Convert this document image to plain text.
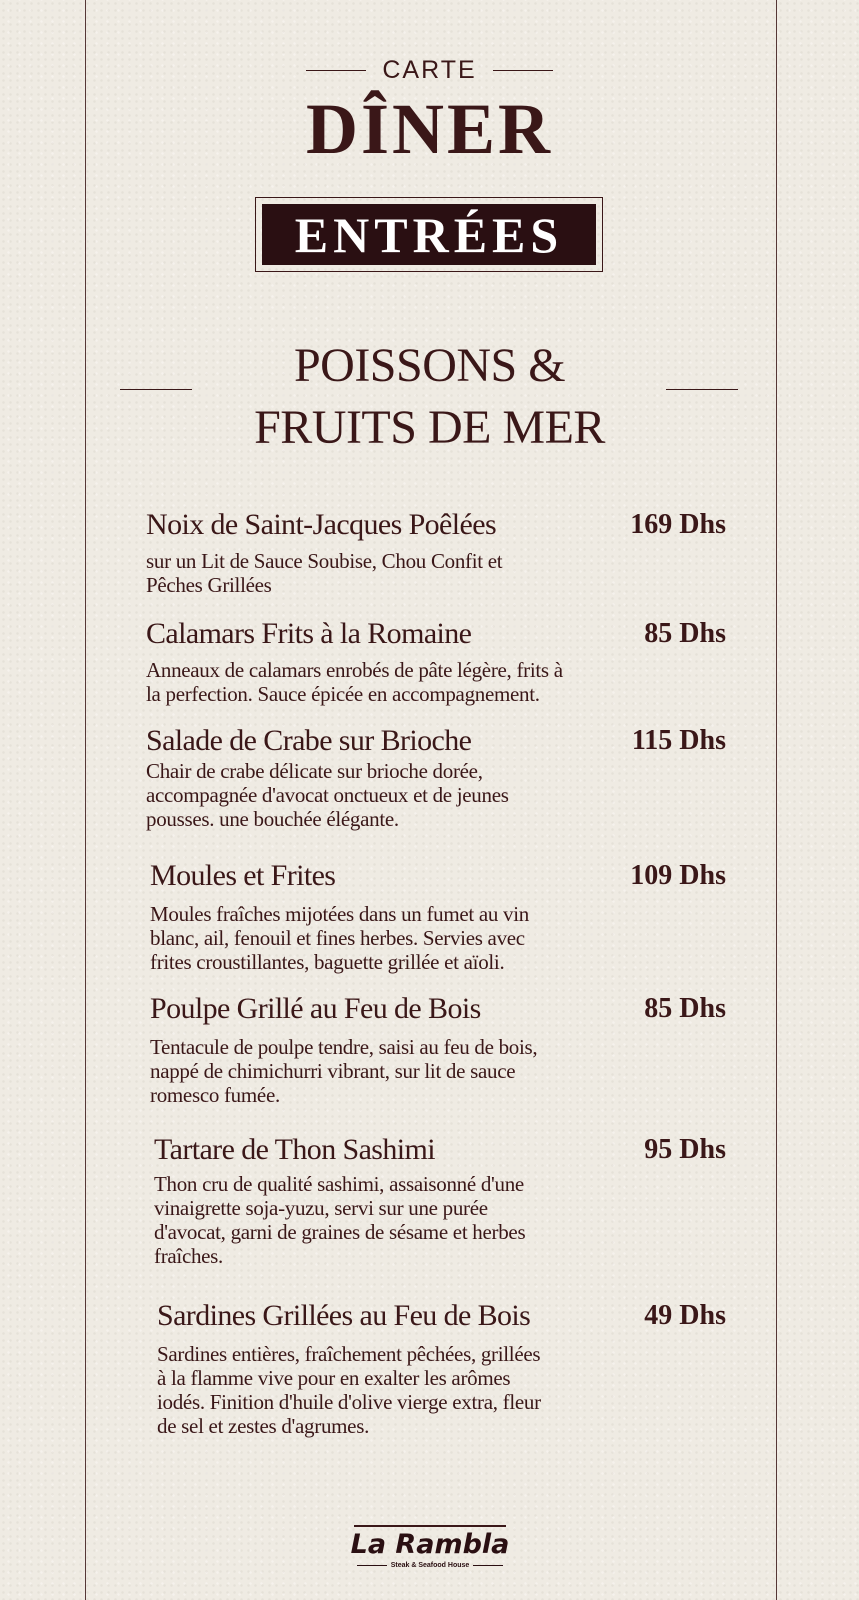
CARTE
DÎNER
ENTRÉES
POISSONS &
FRUITS DE MER
Noix de Saint-Jacques Poêlées	169 Dhs
sur un Lit de Sauce Soubise, Chou Confit et
Pêches Grillées
Calamars Frits à la Romaine	85 Dhs
Anneaux de calamars enrobés de pâte légère, frits à
la perfection. Sauce épicée en accompagnement.
Salade de Crabe sur Brioche	115 Dhs
Chair de crabe délicate sur brioche dorée,
accompagnée d'avocat onctueux et de jeunes
pousses. une bouchée élégante.
Moules et Frites	109 Dhs
Moules fraîches mijotées dans un fumet au vin
blanc, ail, fenouil et fines herbes. Servies avec
frites croustillantes, baguette grillée et aïoli.
Poulpe Grillé au Feu de Bois	85 Dhs
Tentacule de poulpe tendre, saisi au feu de bois,
nappé de chimichurri vibrant, sur lit de sauce
romesco fumée.
Tartare de Thon Sashimi	95 Dhs
Thon cru de qualité sashimi, assaisonné d'une
vinaigrette soja-yuzu, servi sur une purée
d'avocat, garni de graines de sésame et herbes
fraîches.
Sardines Grillées au Feu de Bois	49 Dhs
Sardines entières, fraîchement pêchées, grillées
à la flamme vive pour en exalter les arômes
iodés. Finition d'huile d'olive vierge extra, fleur
de sel et zestes d'agrumes.
La Rambla
Steak & Seafood House
